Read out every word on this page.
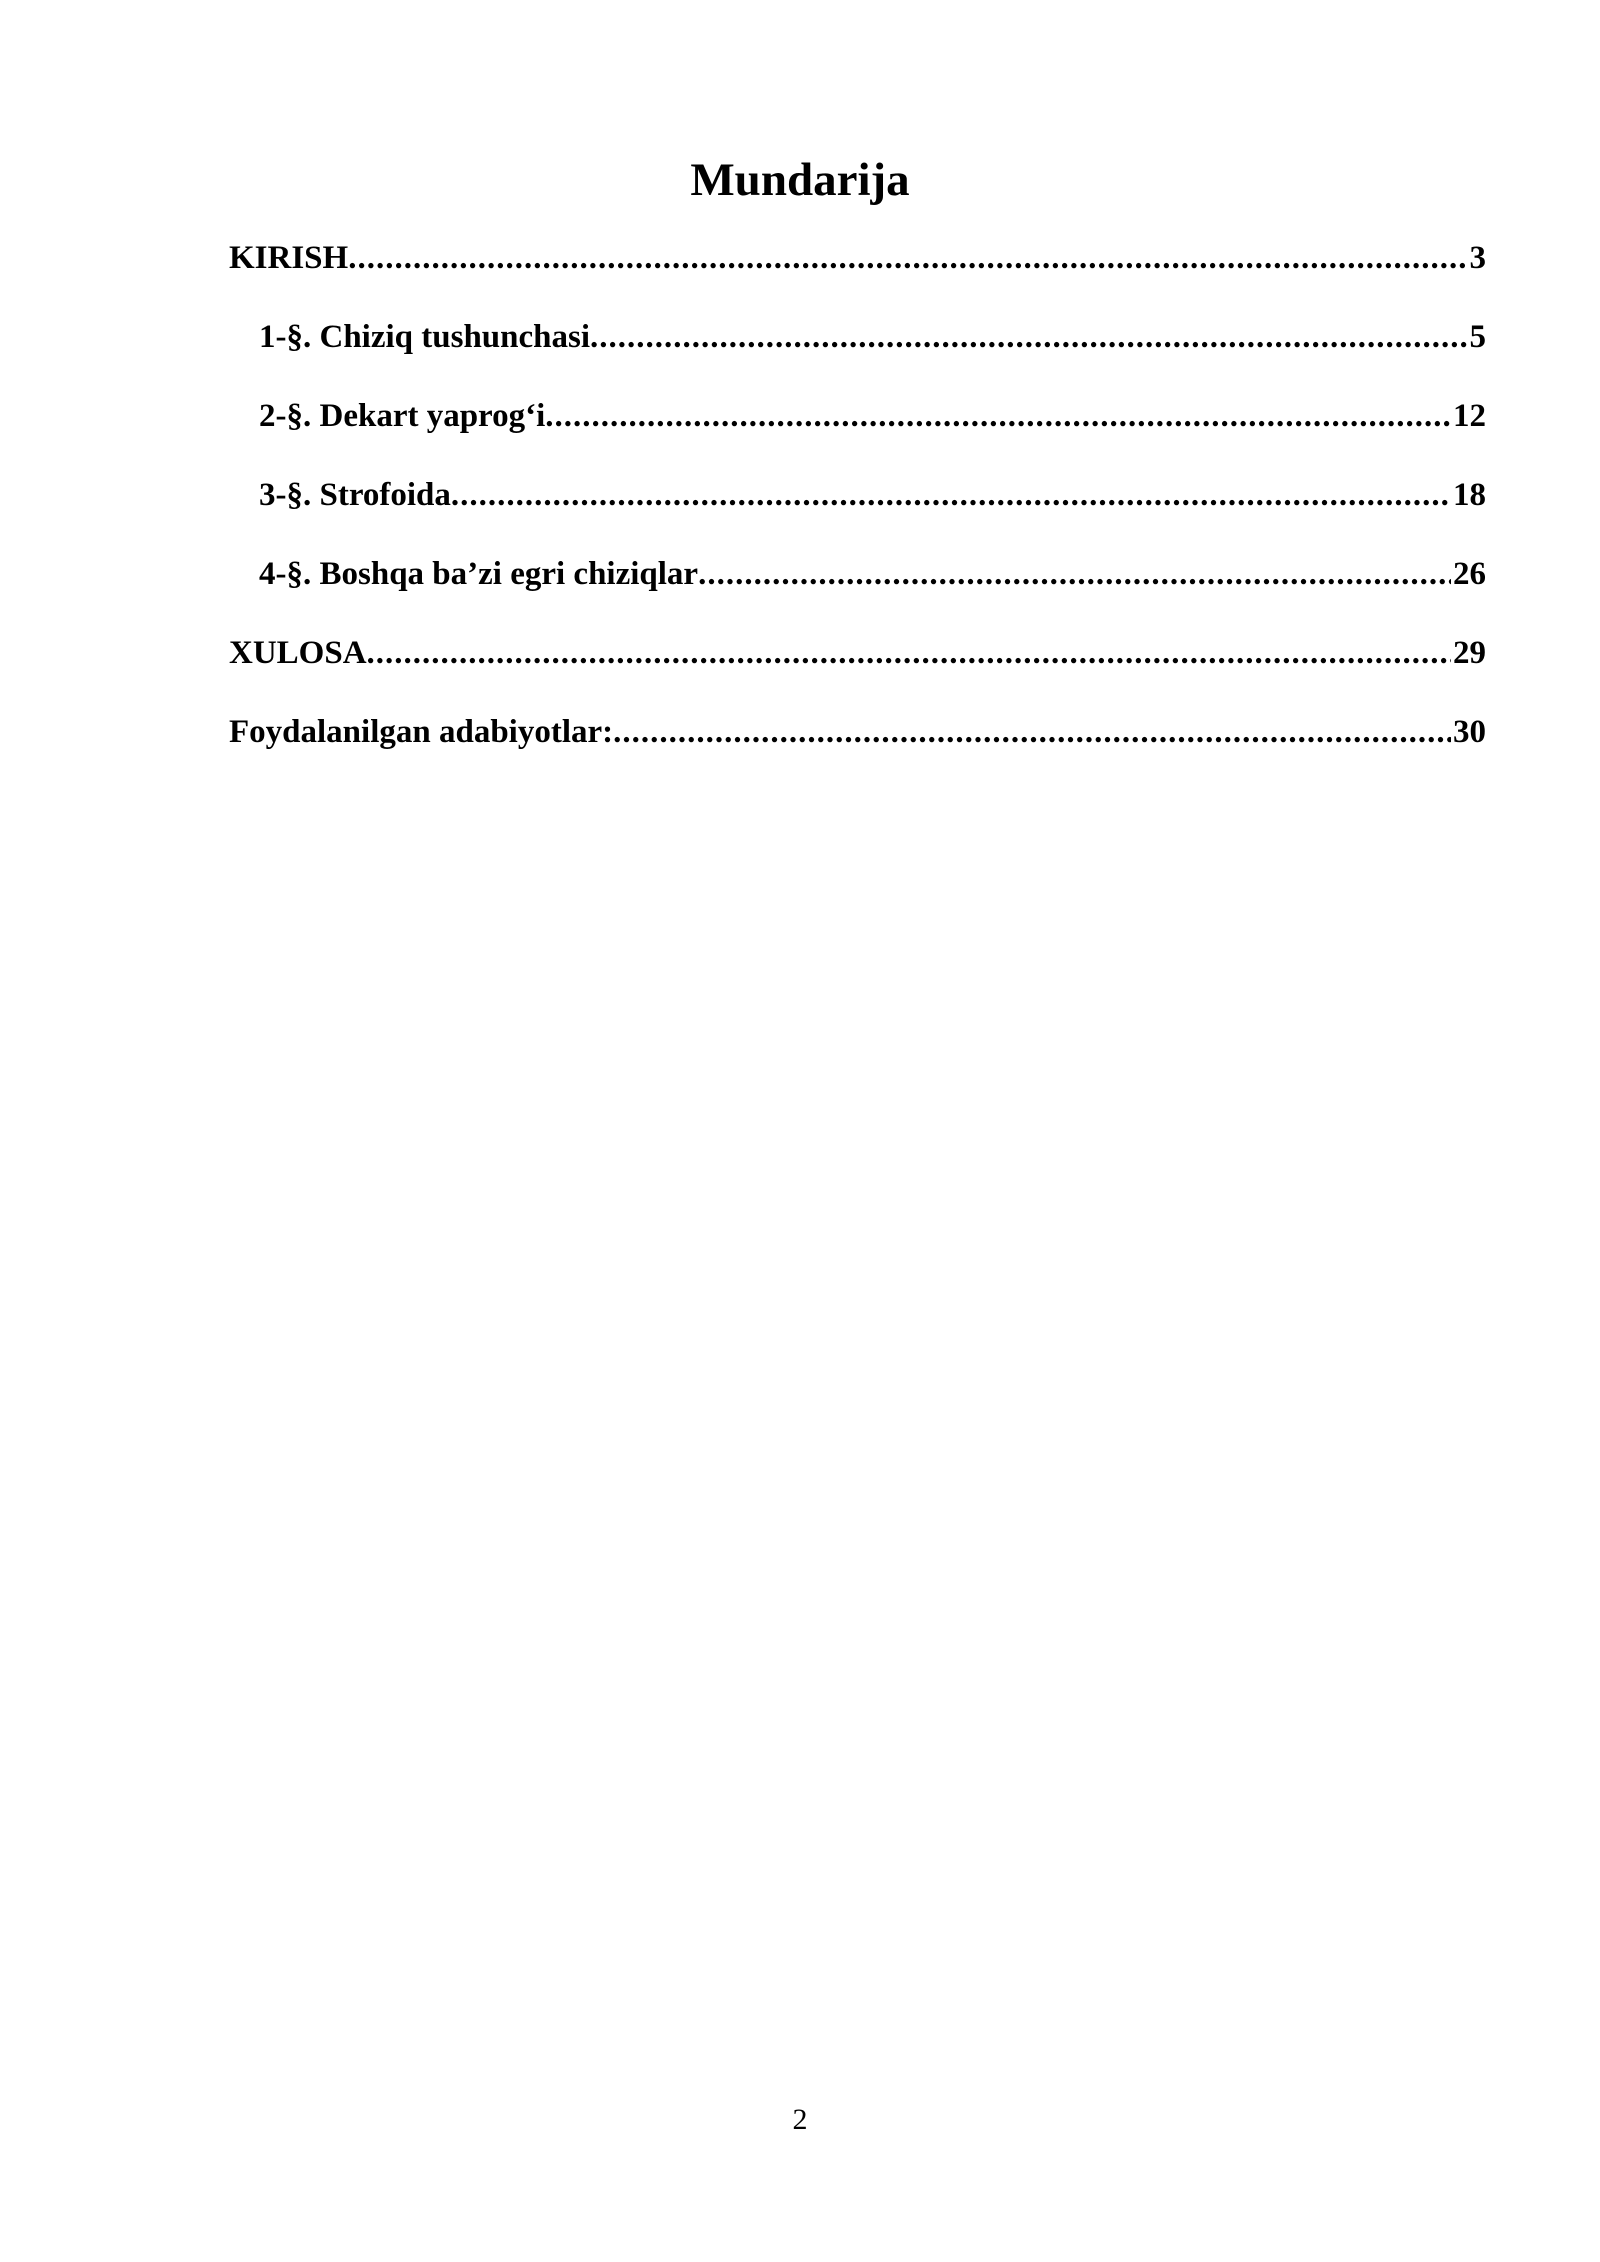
Mundarija
KIRISH .....	3
1-§. Chiziq tushunchasi .....	5
2-§. Dekart yaprog‘i .....	12
3-§. Strofoida .....	18
4-§. Boshqa ba’zi egri chiziqlar .....	26
XULOSA .....	29
Foydalanilgan adabiyotlar: .....	30
2
